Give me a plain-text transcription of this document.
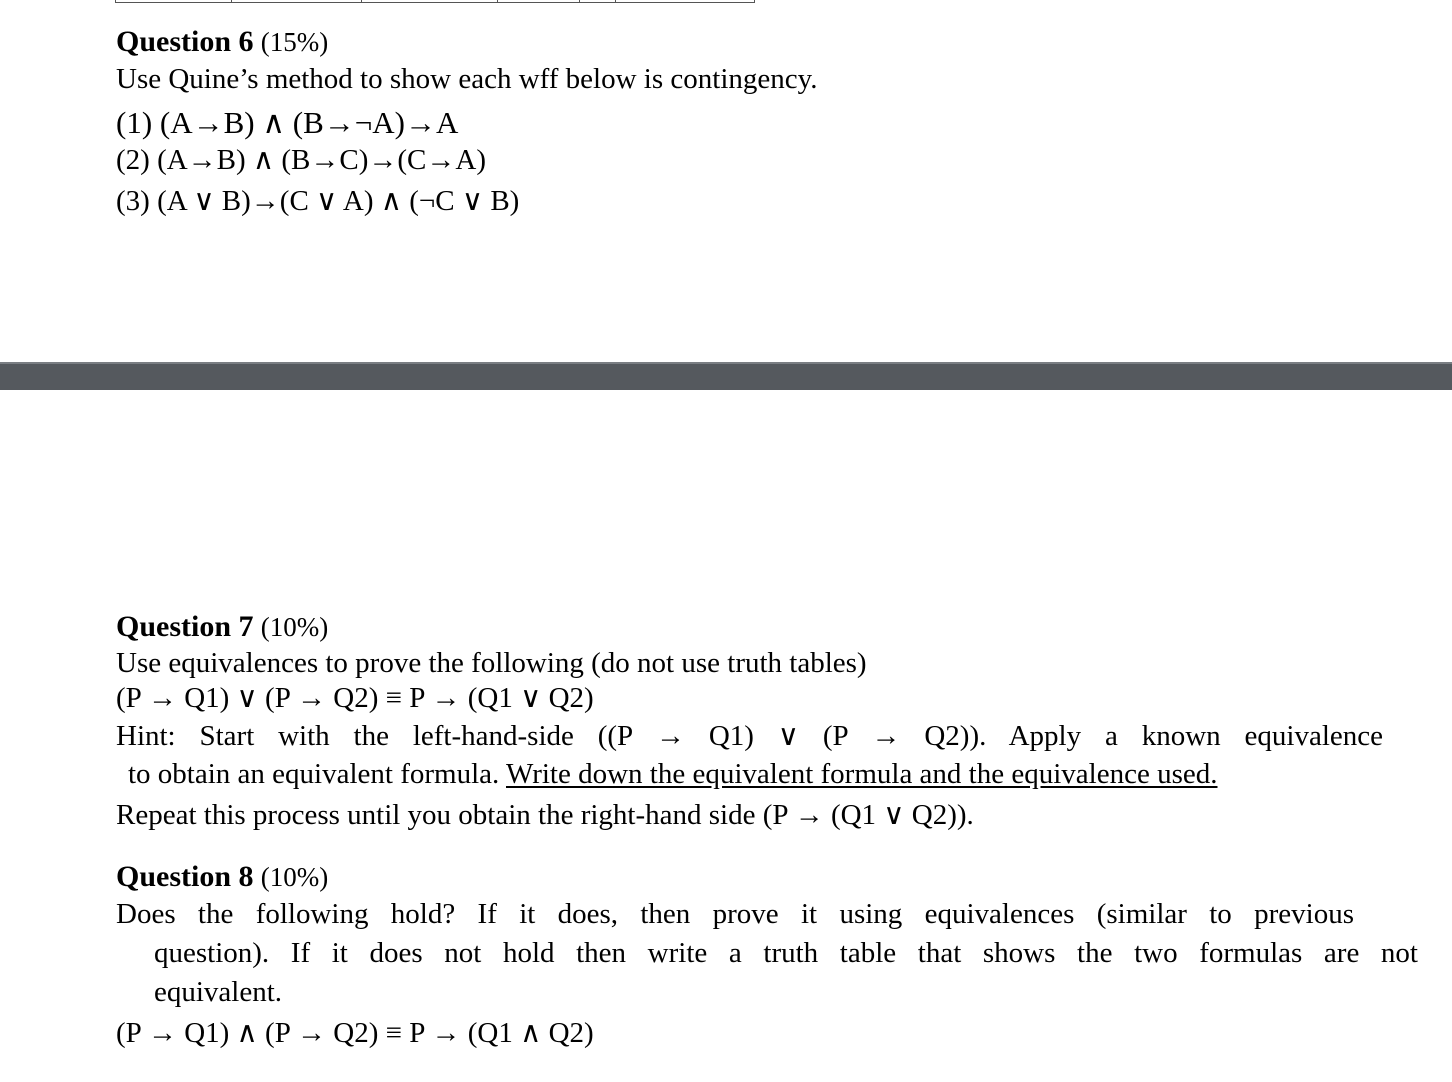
Question 6 (15%)
Use Quine’s method to show each wff below is contingency.
(1) (A→B) ∧ (B→¬A)→A
(2) (A→B) ∧ (B→C)→(C→A)
(3) (A ∨ B)→(C ∨ A) ∧ (¬C ∨ B)
Question 7 (10%)
Use equivalences to prove the following (do not use truth tables)
(P → Q1) ∨ (P → Q2) ≡ P → (Q1 ∨ Q2)
Hint: Start with the left-hand-side ((P → Q1) ∨ (P → Q2)). Apply a known equivalence
to obtain an equivalent formula. Write down the equivalent formula and the equivalence used.
Repeat this process until you obtain the right-hand side (P → (Q1 ∨ Q2)).
Question 8 (10%)
Does the following hold? If it does, then prove it using equivalences (similar to previous
question). If it does not hold then write a truth table that shows the two formulas are not
equivalent.
(P → Q1) ∧ (P → Q2) ≡ P → (Q1 ∧ Q2)
